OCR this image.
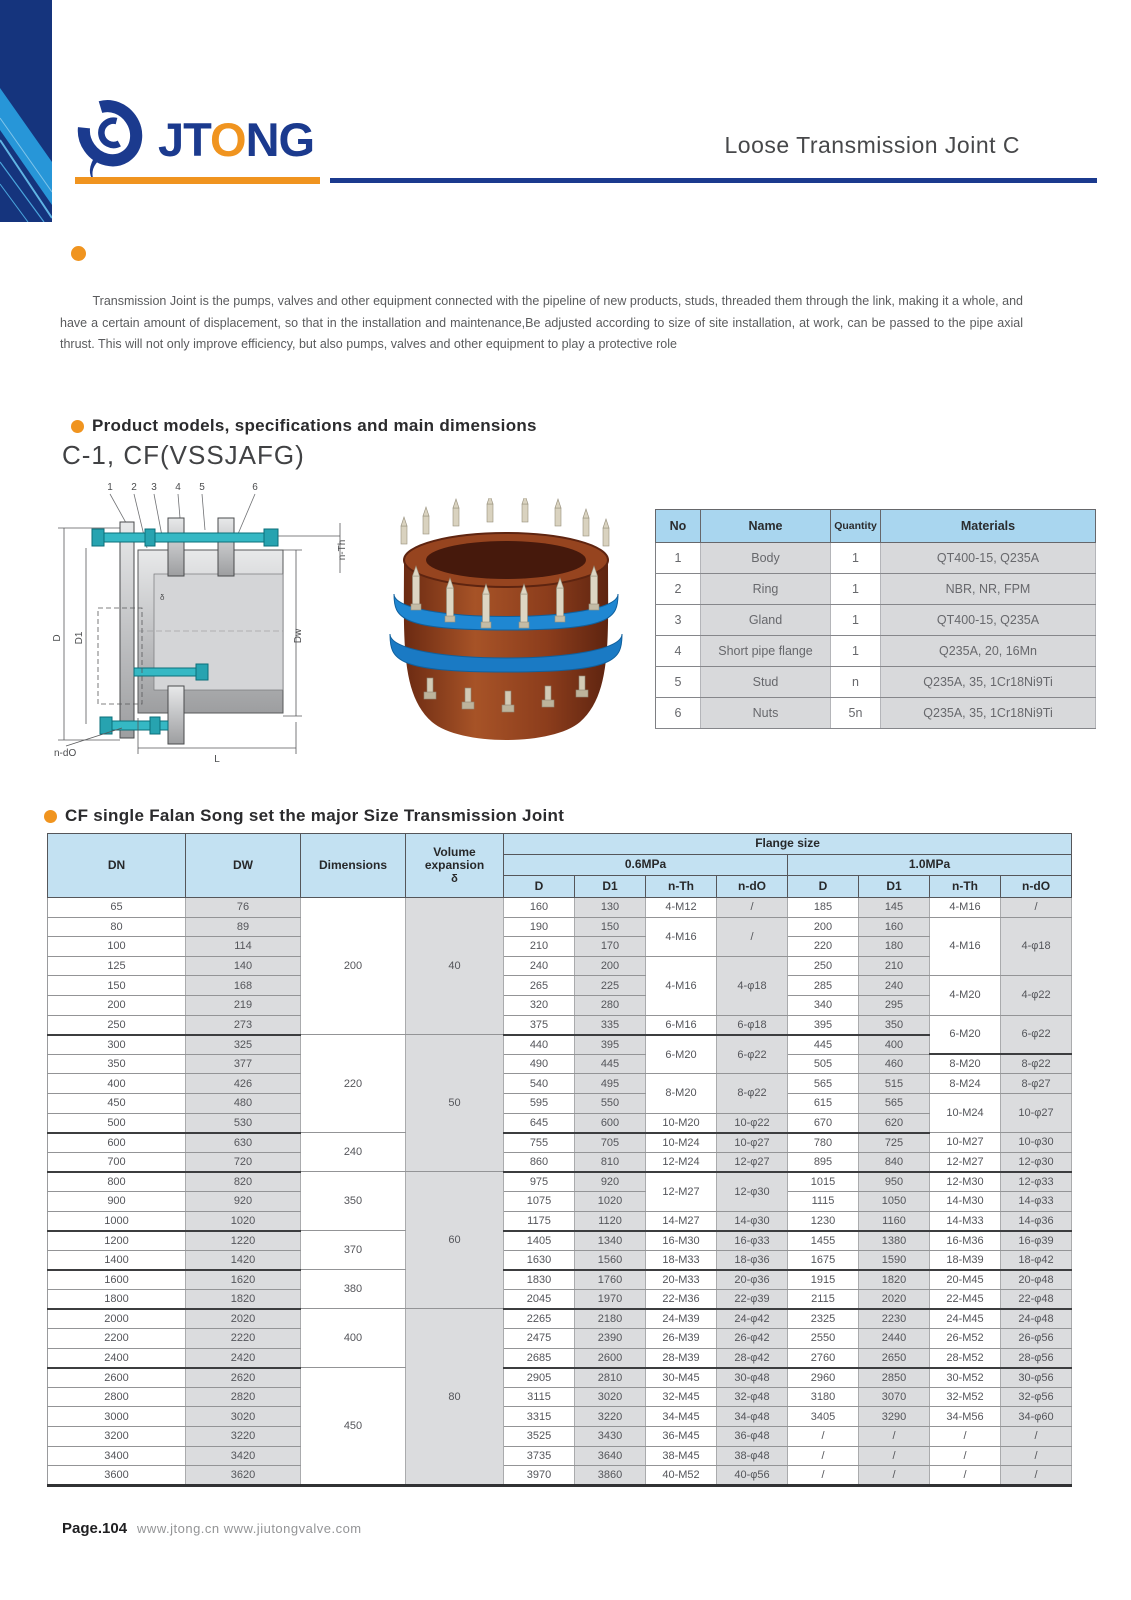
JTONG	Loose Transmission Joint C

Transmission Joint is the pumps, valves and other equipment connected with the pipeline of new products, studs, threaded them through the link, making it a whole, and have a certain amount of displacement, so that in the installation and maintenance,Be adjusted according to size of site installation, at work, can be passed to the pipe axial thrust. This will not only improve efficiency, but also pumps, valves and other equipment to play a protective role

Product models, specifications and main dimensions
C-1, CF(VSSJAFG)
1 2 3 4 5	6
D D1	Dw
n-Th
L
n-dO
δ
No	Name	Quantity	Materials
1	Body	1	QT400-15, Q235A
2	Ring	1	NBR, NR, FPM
3	Gland	1	QT400-15, Q235A
4	Short pipe flange	1	Q235A, 20, 16Mn
5	Stud	n	Q235A, 35, 1Cr18Ni9Ti
6	Nuts	5n	Q235A, 35, 1Cr18Ni9Ti
CF single Falan Song set the major Size Transmission Joint
DN	DW	Dimensions	Volume expansion
δ	Flange size							
				0.6MPa				1.0MPa			
				D	D1	n-Th	n-dO	D	D1	n-Th	n-dO
65	76	200	40	160	130	4-M12	/	185	145	4-M16	/
80	89			190	150	4-M16	/	200	160	4-M16	4-φ18
100	114			210	170			220	180		
125	140			240	200	4-M16	4-φ18	250	210		
150	168			265	225			285	240	4-M20	4-φ22
200	219			320	280			340	295		
250	273			375	335	6-M16	6-φ18	395	350	6-M20	6-φ22
300	325	220	50	440	395	6-M20	6-φ22	445	400		
350	377			490	445			505	460	8-M20	8-φ22
400	426			540	495	8-M20	8-φ22	565	515	8-M24	8-φ27
450	480			595	550			615	565	10-M24	10-φ27
500	530			645	600	10-M20	10-φ22	670	620		
600	630	240		755	705	10-M24	10-φ27	780	725	10-M27	10-φ30
700	720			860	810	12-M24	12-φ27	895	840	12-M27	12-φ30
800	820	350	60	975	920	12-M27	12-φ30	1015	950	12-M30	12-φ33
900	920			1075	1020			1115	1050	14-M30	14-φ33
1000	1020			1175	1120	14-M27	14-φ30	1230	1160	14-M33	14-φ36
1200	1220	370		1405	1340	16-M30	16-φ33	1455	1380	16-M36	16-φ39
1400	1420			1630	1560	18-M33	18-φ36	1675	1590	18-M39	18-φ42
1600	1620	380		1830	1760	20-M33	20-φ36	1915	1820	20-M45	20-φ48
1800	1820			2045	1970	22-M36	22-φ39	2115	2020	22-M45	22-φ48
2000	2020	400	80	2265	2180	24-M39	24-φ42	2325	2230	24-M45	24-φ48
2200	2220			2475	2390	26-M39	26-φ42	2550	2440	26-M52	26-φ56
2400	2420			2685	2600	28-M39	28-φ42	2760	2650	28-M52	28-φ56
2600	2620	450		2905	2810	30-M45	30-φ48	2960	2850	30-M52	30-φ56
2800	2820			3115	3020	32-M45	32-φ48	3180	3070	32-M52	32-φ56
3000	3020			3315	3220	34-M45	34-φ48	3405	3290	34-M56	34-φ60
3200	3220			3525	3430	36-M45	36-φ48	/	/	/	/
3400	3420			3735	3640	38-M45	38-φ48	/	/	/	/
3600	3620			3970	3860	40-M52	40-φ56	/	/	/	/
Page.104 www.jtong.cn www.jiutongvalve.com
